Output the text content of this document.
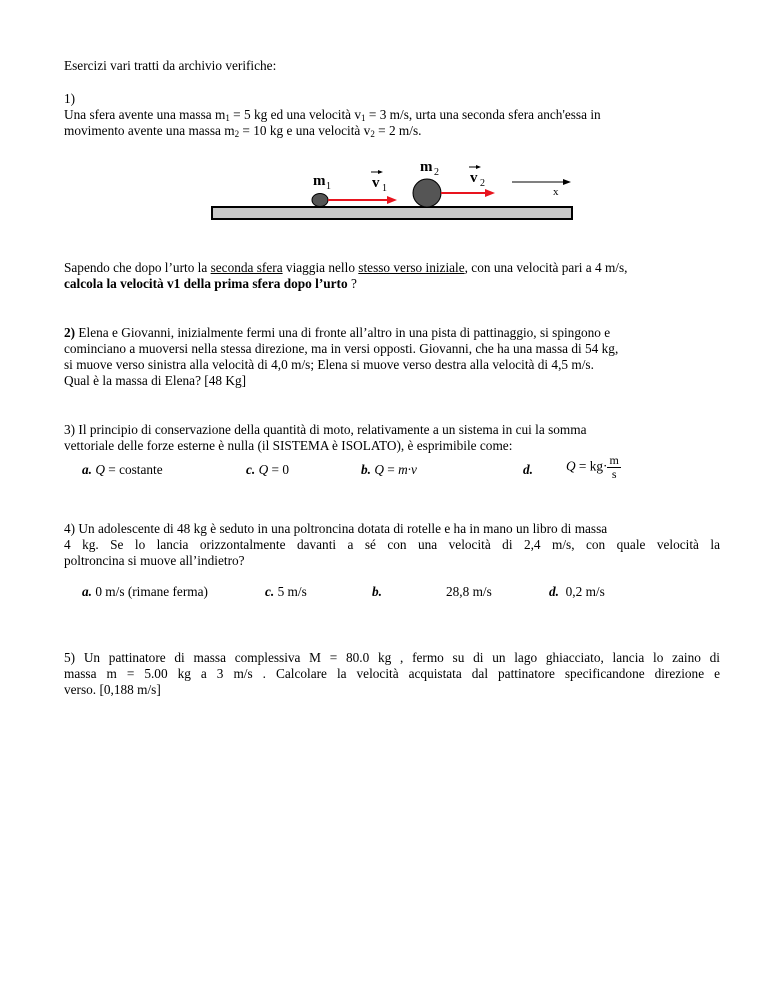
Esercizi vari tratti da archivio verifiche:
1)
Una sfera avente una massa $m_1 = 5$ kg ed una velocità $v_1 = 3$ m/s, urta una seconda sfera anch'essa in
movimento avente una massa $m_2 = 10$ kg e una velocità $v_2 = 2$ m/s.
m 1	v 1
m 2 v 2
x
Sapendo che dopo l’urto la seconda sfera viaggia nello stesso verso iniziale, con una velocità pari a 4 m/s,
calcola la velocità v1 della prima sfera dopo l’urto ?
2) Elena e Giovanni, inizialmente fermi una di fronte all’altro in una pista di pattinaggio, si spingono e
cominciano a muoversi nella stessa direzione, ma in versi opposti. Giovanni, che ha una massa di 54 kg,
si muove verso sinistra alla velocità di 4,0 m/s; Elena si muove verso destra alla velocità di 4,5 m/s.
Qual è la massa di Elena? [48 Kg]
3) Il principio di conservazione della quantità di moto, relativamente a un sistema in cui la somma
vettoriale delle forze esterne è nulla (il SISTEMA è ISOLATO), è esprimibile come:
a. Q = costante	c. Q = 0	b. Q = m·v	d. $Q = kg\cdot \frac{m}{s}$
4) Un adolescente di 48 kg è seduto in una poltroncina dotata di rotelle e ha in mano un libro di massa
4 kg. Se lo lancia orizzontalmente davanti a sé con una velocità di 2,4 m/s, con quale velocità la
poltroncina si muove all’indietro?
a. 0 m/s (rimane ferma)	c. 5 m/s	b.	28,8 m/s	d. 0,2 m/s
5) Un pattinatore di massa complessiva M = 80.0 kg , fermo su di un lago ghiacciato, lancia lo zaino di
massa m = 5.00 kg a 3 m/s . Calcolare la velocità acquistata dal pattinatore specificandone direzione e
verso. [0,188 m/s]
